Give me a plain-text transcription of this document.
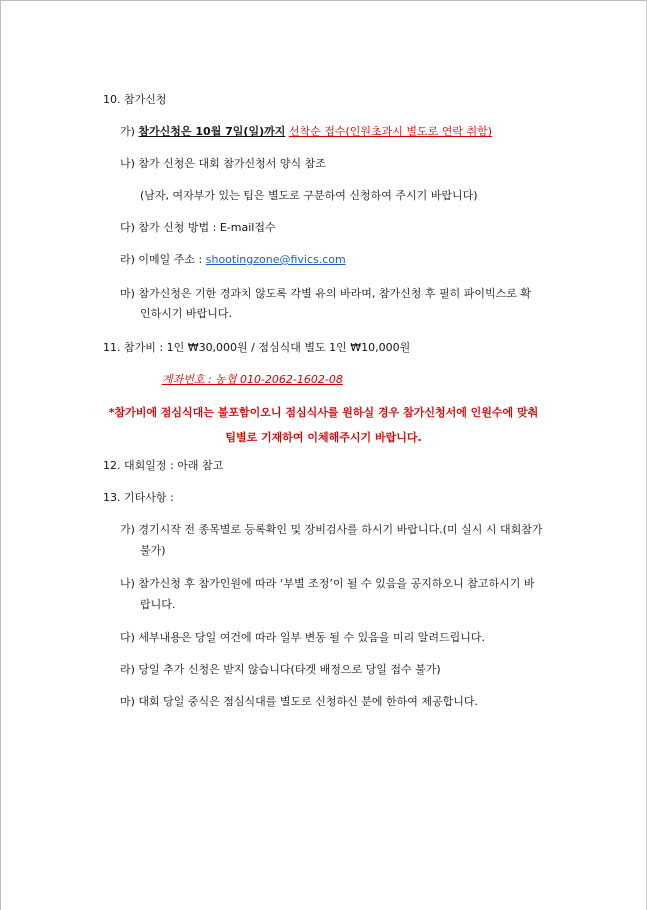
10. 참가신청
가) 참가신청은 10월 7일(일)까지 선착순 접수(인원초과시 별도로 연락 취함)
나) 참가 신청은 대회 참가신청서 양식 참조
(남자, 여자부가 있는 팀은 별도로 구분하여 신청하여 주시기 바랍니다)
다) 참가 신청 방법 : E-mail접수
라) 이메일 주소 : shootingzone@fivics.com
마) 참가신청은 기한 경과치 않도록 각별 유의 바라며, 참가신청 후 필히 파이빅스로 확
인하시기 바랍니다.
11. 참가비 : 1인 ₩30,000원 / 점심식대 별도 1인 ₩10,000원
계좌번호 : 농협 010-2062-1602-08
*참가비에 점심식대는 불포함이오니 점심식사를 원하실 경우 참가신청서에 인원수에 맞춰
팀별로 기재하여 이체해주시기 바랍니다.
12. 대회일정 : 아래 참고
13. 기타사항 :
가) 경기시작 전 종목별로 등록확인 및 장비검사를 하시기 바랍니다.(미 실시 시 대회참가
불가)
나) 참가신청 후 참가인원에 따라 ‘부별 조정’이 될 수 있음을 공지하오니 참고하시기 바
랍니다.
다) 세부내용은 당일 여건에 따라 일부 변동 될 수 있음을 미리 알려드립니다.
라) 당일 추가 신청은 받지 않습니다(타겟 배정으로 당일 접수 불가)
마) 대회 당일 중식은 점심식대를 별도로 신청하신 분에 한하여 제공합니다.
